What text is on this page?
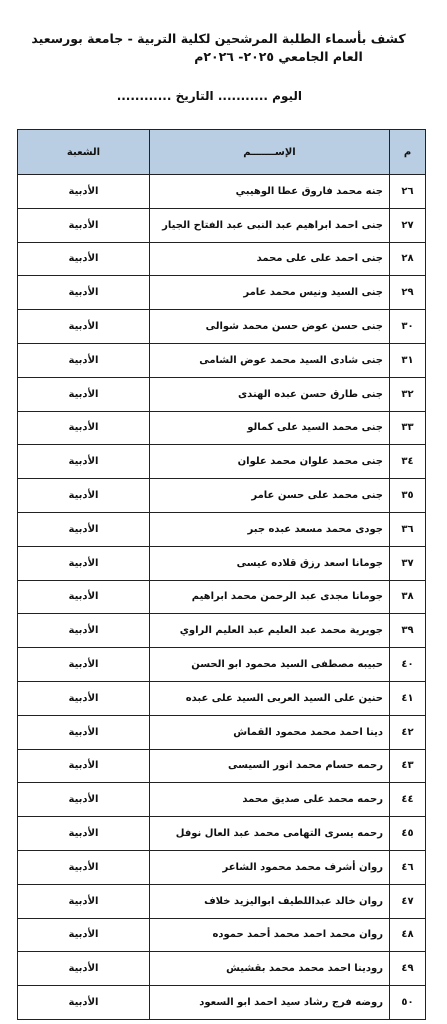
كشف بأسماء الطلبة المرشحين لكلية التربية - جامعة بورسعيد
العام الجامعي ٢٠٢٥- ٢٠٢٦م
اليوم ........... التاريخ ............
م	الإســـــــم	الشعبة
٢٦	جنه محمد فاروق عطا الوهيبي	الأدبية
٢٧	جنى احمد ابراهيم عبد النبى عبد الفتاح الجيار	الأدبية
٢٨	جنى احمد على على محمد	الأدبية
٢٩	جنى السيد ونيس محمد عامر	الأدبية
٣٠	جنى حسن عوض حسن محمد شوالى	الأدبية
٣١	جنى شادى السيد محمد عوض الشامى	الأدبية
٣٢	جنى طارق حسن عبده الهندى	الأدبية
٣٣	جنى محمد السيد على كمالو	الأدبية
٣٤	جنى محمد علوان محمد علوان	الأدبية
٣٥	جنى محمد على حسن عامر	الأدبية
٣٦	جودى محمد مسعد عبده جبر	الأدبية
٣٧	جومانا اسعد رزق قلاده عيسى	الأدبية
٣٨	جومانا مجدى عبد الرحمن محمد ابراهيم	الأدبية
٣٩	جويرية محمد عبد العليم عبد العليم الراوي	الأدبية
٤٠	حبيبه مصطفى السيد محمود ابو الحسن	الأدبية
٤١	حنين على السيد العربى السيد على عبده	الأدبية
٤٢	دينا احمد محمد محمود القماش	الأدبية
٤٣	رحمه حسام محمد انور السيسى	الأدبية
٤٤	رحمه محمد على صديق محمد	الأدبية
٤٥	رحمه يسرى التهامى محمد عبد العال نوفل	الأدبية
٤٦	روان أشرف محمد محمود الشاعر	الأدبية
٤٧	روان خالد عبداللطيف ابواليزيد خلاف	الأدبية
٤٨	روان محمد احمد محمد أحمد حموده	الأدبية
٤٩	رودينا احمد محمد محمد بقشيش	الأدبية
٥٠	روضه فرج رشاد سيد احمد ابو السعود	الأدبية
